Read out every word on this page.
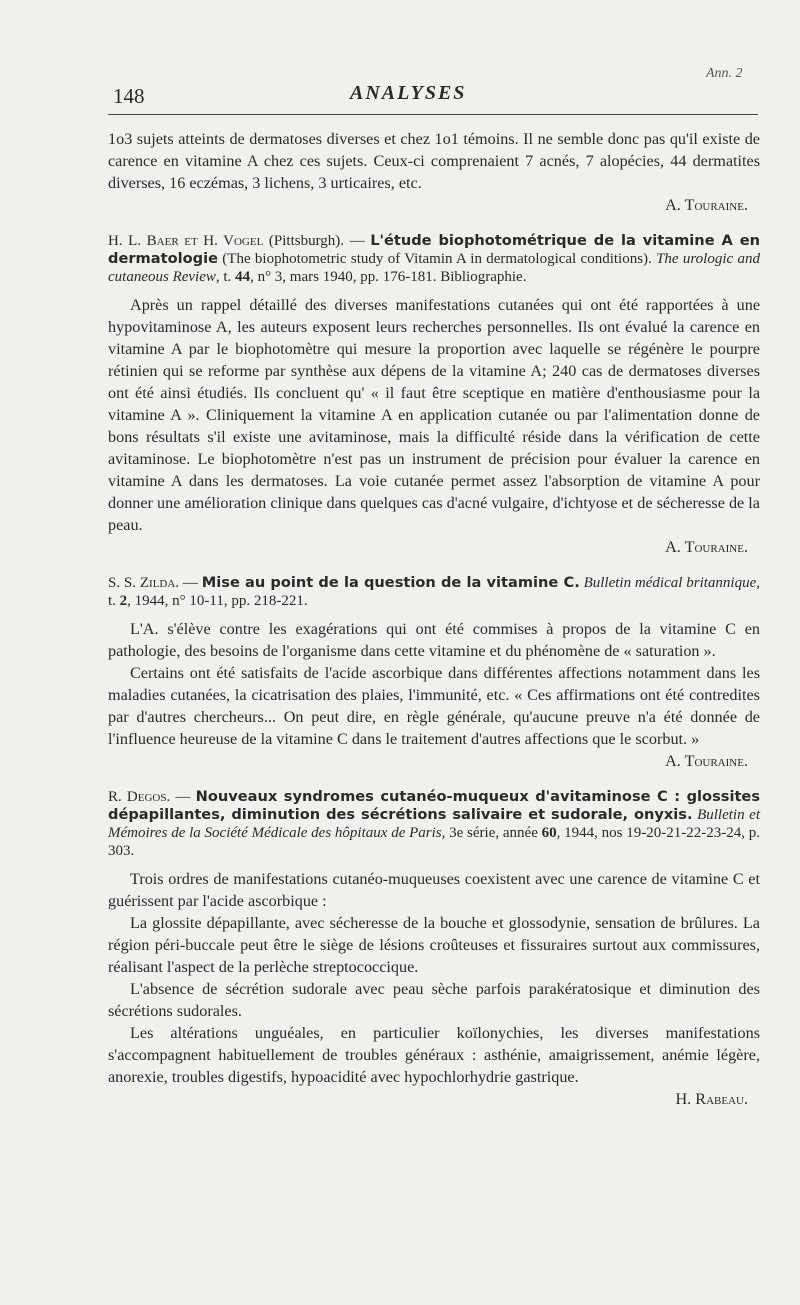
148	ANALYSES
Ann. 2

1o3 sujets atteints de dermatoses diverses et chez 1o1 témoins. Il ne semble donc pas qu'il existe de carence en vitamine A chez ces sujets. Ceux-ci comprenaient 7 acnés, 7 alopécies, 44 dermatites diverses, 16 eczémas, 3 lichens, 3 urticaires, etc.

A. Touraine.

H. L. Baer et H. Vogel (Pittsburgh). — L'étude biophotométrique de la vitamine A en dermatologie (The biophotometric study of Vitamin A in dermatological conditions). The urologic and cutaneous Review, t. 44, n° 3, mars 1940, pp. 176-181. Bibliographie.

Après un rappel détaillé des diverses manifestations cutanées qui ont été rapportées à une hypovitaminose A, les auteurs exposent leurs recherches personnelles. Ils ont évalué la carence en vitamine A par le biophotomètre qui mesure la proportion avec laquelle se régénère le pourpre rétinien qui se reforme par synthèse aux dépens de la vitamine A; 240 cas de dermatoses diverses ont été ainsi étudiés. Ils concluent qu' « il faut être sceptique en matière d'enthousiasme pour la vitamine A ». Cliniquement la vitamine A en application cutanée ou par l'alimentation donne de bons résultats s'il existe une avitaminose, mais la difficulté réside dans la vérification de cette avitaminose. Le biophotomètre n'est pas un instrument de précision pour évaluer la carence en vitamine A dans les dermatoses. La voie cutanée permet assez l'absorption de vitamine A pour donner une amélioration clinique dans quelques cas d'acné vulgaire, d'ichtyose et de sécheresse de la peau.

A. Touraine.

S. S. Zilda. — Mise au point de la question de la vitamine C. Bulletin médical britannique, t. 2, 1944, n° 10-11, pp. 218-221.

L'A. s'élève contre les exagérations qui ont été commises à propos de la vitamine C en pathologie, des besoins de l'organisme dans cette vitamine et du phénomène de « saturation ».

Certains ont été satisfaits de l'acide ascorbique dans différentes affections notamment dans les maladies cutanées, la cicatrisation des plaies, l'immunité, etc. « Ces affirmations ont été contredites par d'autres chercheurs... On peut dire, en règle générale, qu'aucune preuve n'a été donnée de l'influence heureuse de la vitamine C dans le traitement d'autres affections que le scorbut. »

A. Touraine.

R. Degos. — Nouveaux syndromes cutanéo-muqueux d'avitaminose C : glossites dépapillantes, diminution des sécrétions salivaire et sudorale, onyxis. Bulletin et Mémoires de la Société Médicale des hôpitaux de Paris, 3e série, année 60, 1944, nos 19-20-21-22-23-24, p. 303.

Trois ordres de manifestations cutanéo-muqueuses coexistent avec une carence de vitamine C et guérissent par l'acide ascorbique :

La glossite dépapillante, avec sécheresse de la bouche et glossodynie, sensation de brûlures. La région péri-buccale peut être le siège de lésions croûteuses et fissuraires surtout aux commissures, réalisant l'aspect de la perlèche streptococcique.

L'absence de sécrétion sudorale avec peau sèche parfois parakératosique et diminution des sécrétions sudorales.

Les altérations unguéales, en particulier koïlonychies, les diverses manifestations s'accompagnent habituellement de troubles généraux : asthénie, amaigrissement, anémie légère, anorexie, troubles digestifs, hypoacidité avec hypochlorhydrie gastrique.

H. Rabeau.
